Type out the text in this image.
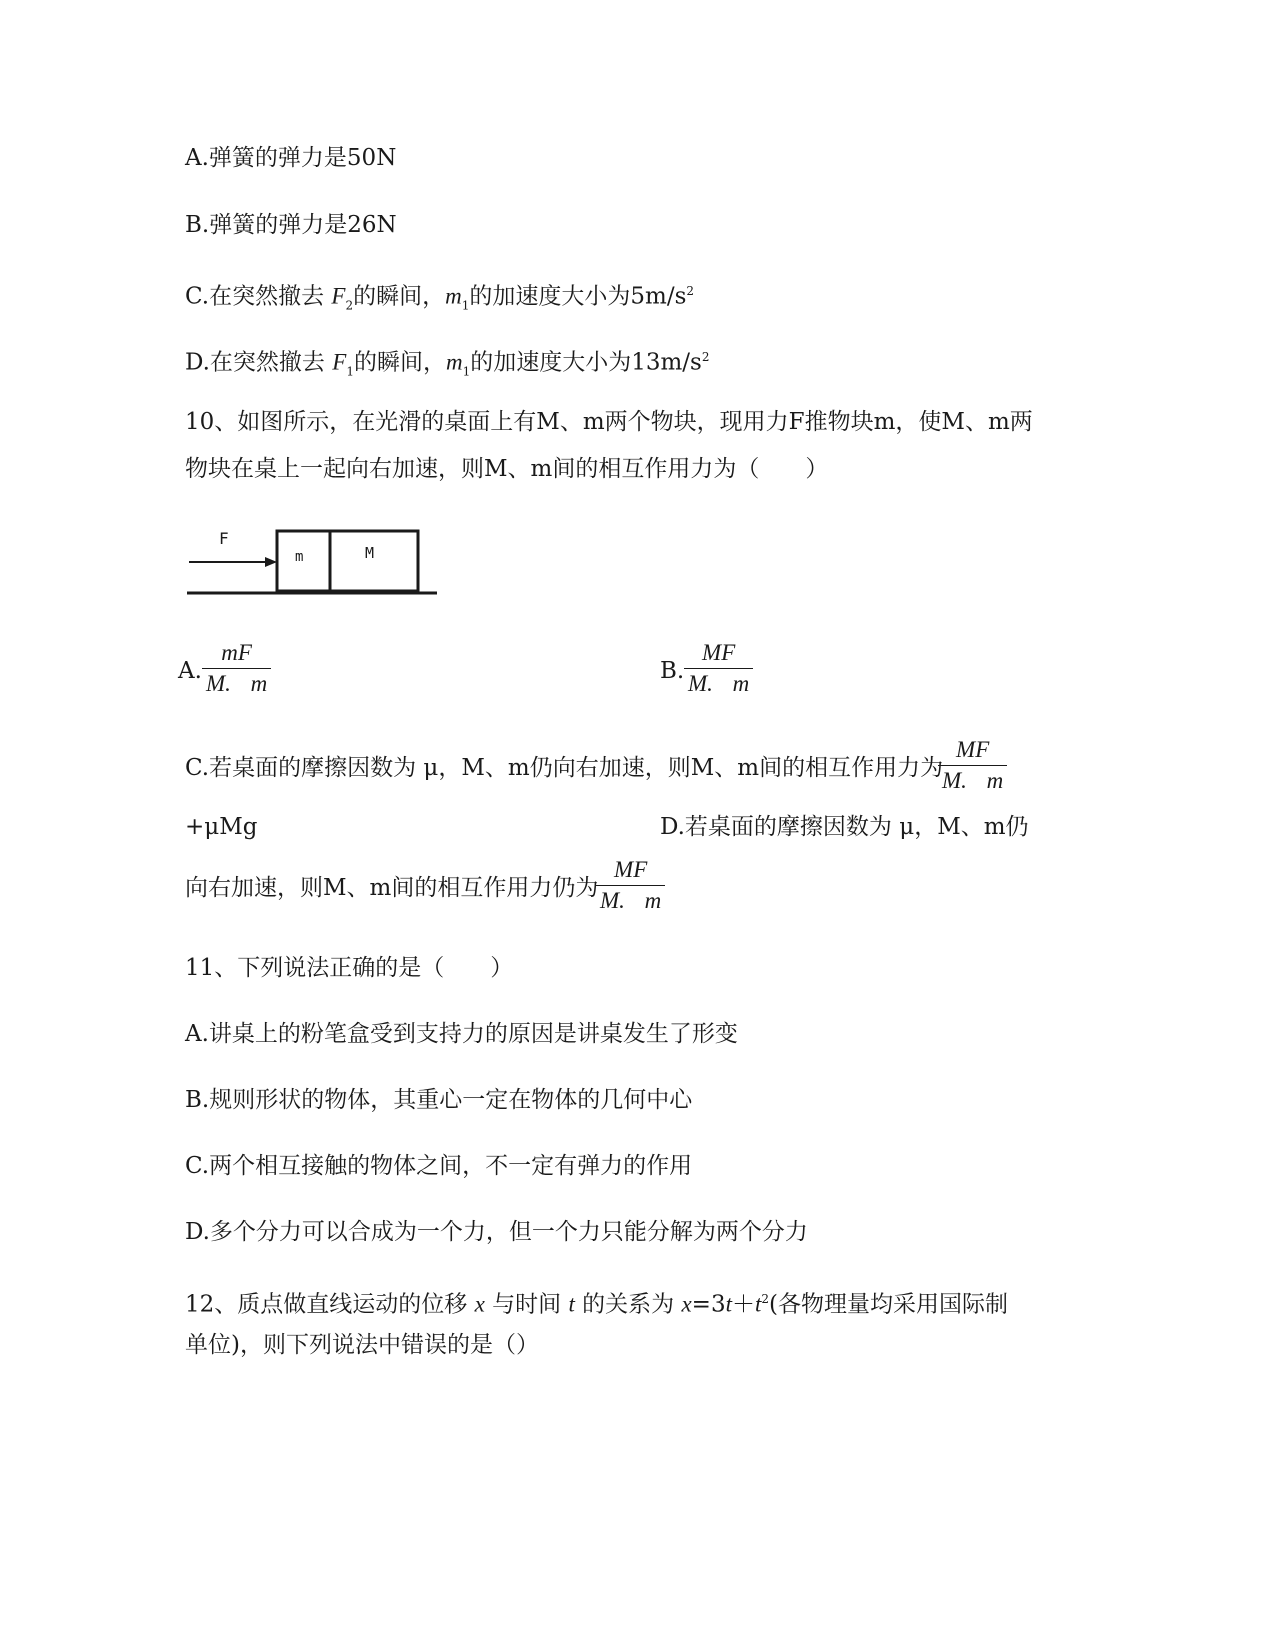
A.弹簧的弹力是50N
B.弹簧的弹力是26N
C.在突然撤去 $F_2$的瞬间，$m_1$的加速度大小为$5m/s^2$
D.在突然撤去 $F_1$的瞬间，$m_1$的加速度大小为$13m/s^2$
10、如图所示，在光滑的桌面上有M、m两个物块，现用力F推物块m，使M、m两
物块在桌上一起向右加速，则M、m间的相互作用力为（　　）
F
m	M
A.
mF
M. m	B.
MF
M. m
C.若桌面的摩擦因数为 μ，M、m仍向右加速，则M、m间的相互作用力为
MF
M. m
+μMg	D.若桌面的摩擦因数为 μ，M、m仍
向右加速，则M、m间的相互作用力仍为
MF
M. m
11、下列说法正确的是（　　）
A.讲桌上的粉笔盒受到支持力的原因是讲桌发生了形变
B.规则形状的物体，其重心一定在物体的几何中心
C.两个相互接触的物体之间，不一定有弹力的作用
D.多个分力可以合成为一个力，但一个力只能分解为两个分力
12、质点做直线运动的位移 x 与时间 t 的关系为 $x=3t+t^2$(各物理量均采用国际制
单位)，则下列说法中错误的是（）
